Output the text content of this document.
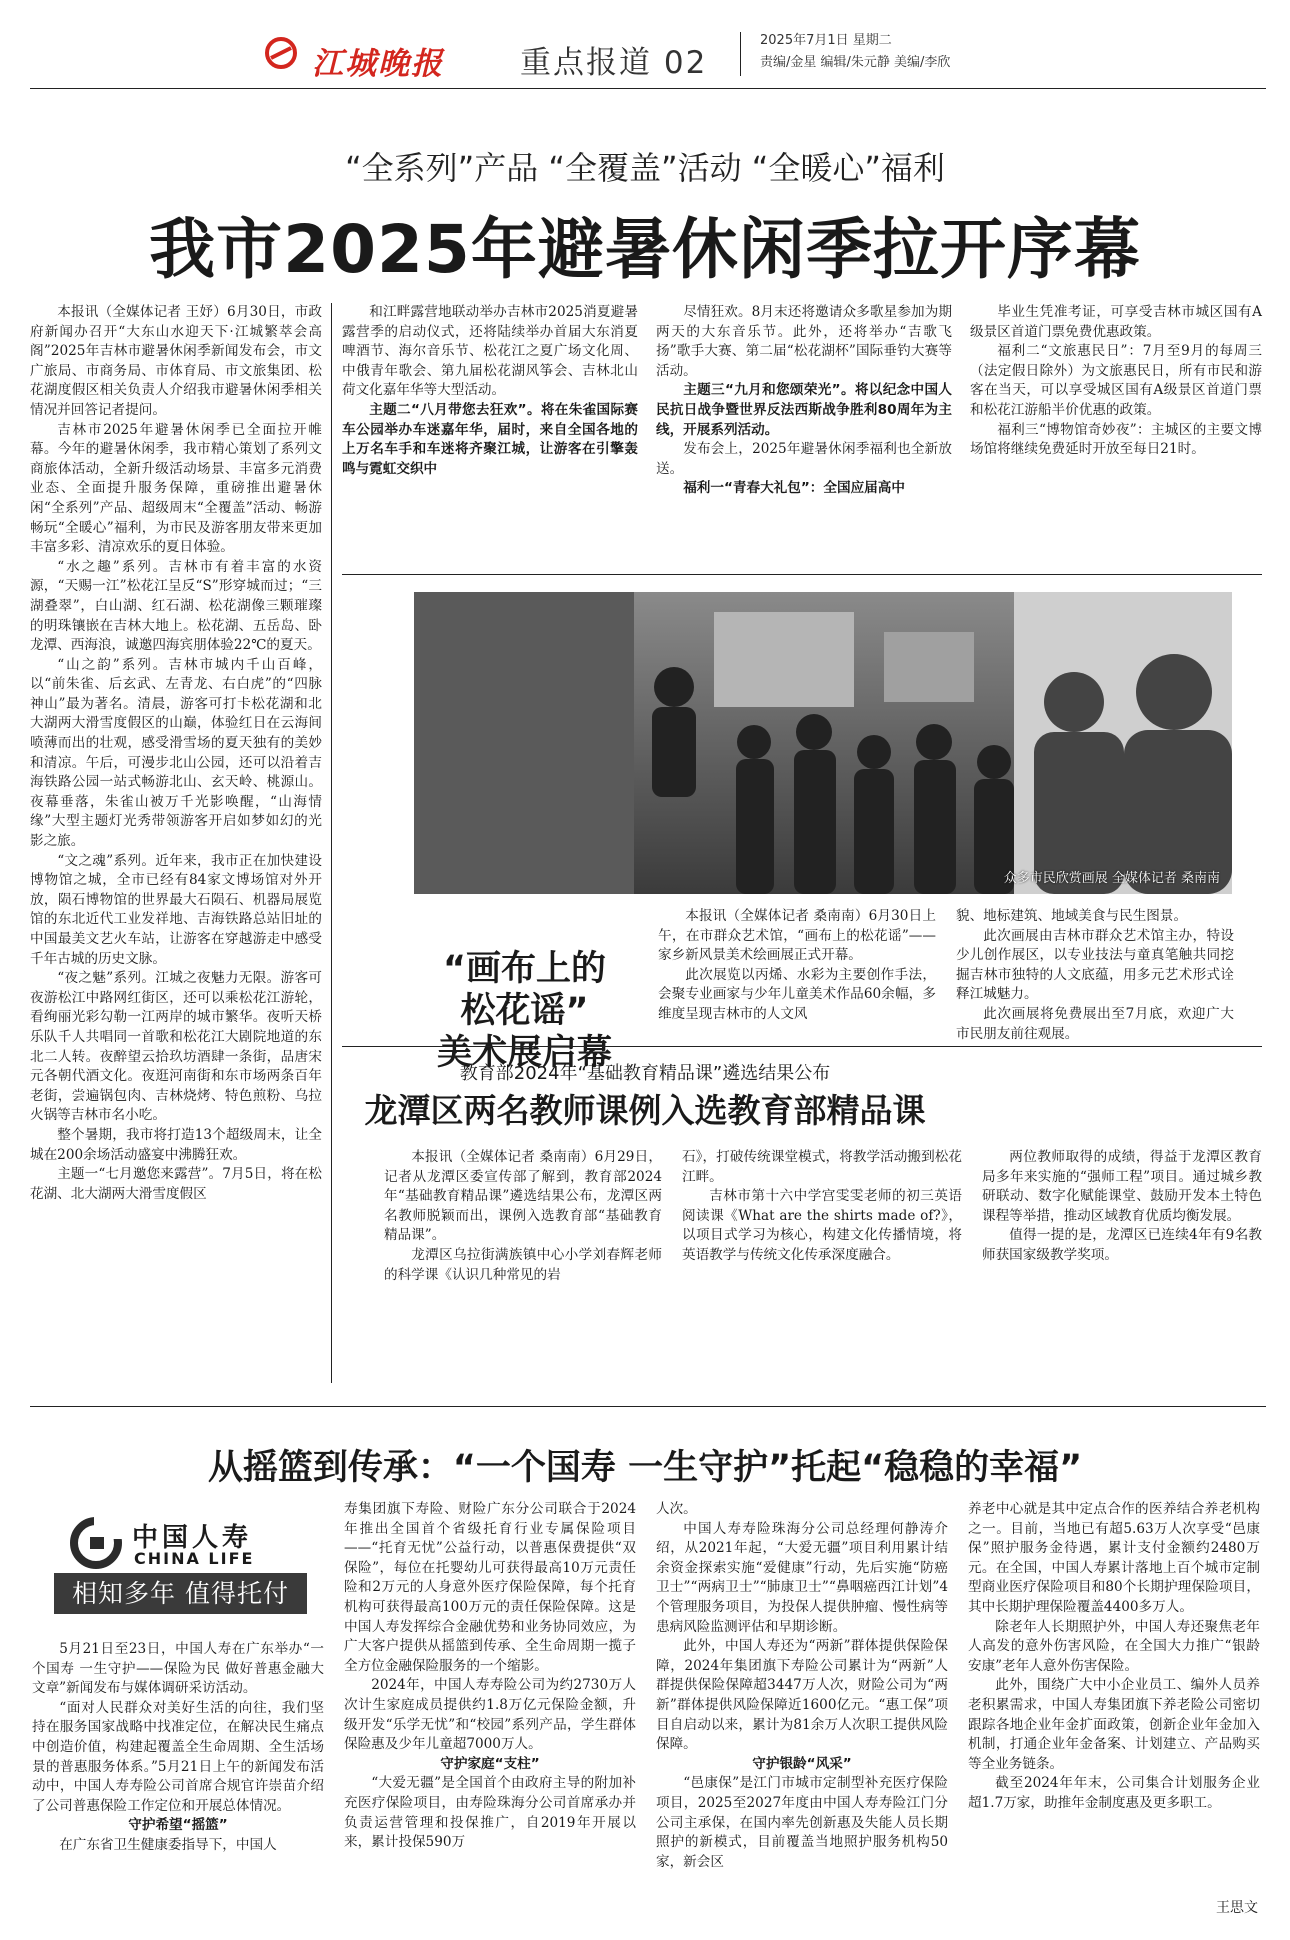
江城晚报 重点报道 02
2025年7月1日 星期二
责编/金星 编辑/朱元静 美编/李欣
“全系列”产品 “全覆盖”活动 “全暖心”福利
我市2025年避暑休闲季拉开序幕

本报讯（全媒体记者 王妤）6月30日，市政府新闻办召开“大东山水迎天下·江城繁萃会高阁”2025年吉林市避暑休闲季新闻发布会，市文广旅局、市商务局、市体育局、市文旅集团、松花湖度假区相关负责人介绍我市避暑休闲季相关情况并回答记者提问。

吉林市2025年避暑休闲季已全面拉开帷幕。今年的避暑休闲季，我市精心策划了系列文商旅体活动，全新升级活动场景、丰富多元消费业态、全面提升服务保障，重磅推出避暑休闲“全系列”产品、超级周末“全覆盖”活动、畅游畅玩“全暖心”福利，为市民及游客朋友带来更加丰富多彩、清凉欢乐的夏日体验。

“水之趣”系列。吉林市有着丰富的水资源，“天赐一江”松花江呈反“S”形穿城而过；“三湖叠翠”，白山湖、红石湖、松花湖像三颗璀璨的明珠镶嵌在吉林大地上。松花湖、五岳岛、卧龙潭、西海浪，诚邀四海宾朋体验22℃的夏天。

“山之韵”系列。吉林市城内千山百峰，以“前朱雀、后玄武、左青龙、右白虎”的“四脉神山”最为著名。清晨，游客可打卡松花湖和北大湖两大滑雪度假区的山巅，体验红日在云海间喷薄而出的壮观，感受滑雪场的夏天独有的美妙和清凉。午后，可漫步北山公园，还可以沿着吉海铁路公园一站式畅游北山、玄天岭、桃源山。夜幕垂落，朱雀山被万千光影唤醒，“山海情缘”大型主题灯光秀带领游客开启如梦如幻的光影之旅。

“文之魂”系列。近年来，我市正在加快建设博物馆之城，全市已经有84家文博场馆对外开放，陨石博物馆的世界最大石陨石、机器局展览馆的东北近代工业发祥地、吉海铁路总站旧址的中国最美文艺火车站，让游客在穿越游走中感受千年古城的历史文脉。

“夜之魅”系列。江城之夜魅力无限。游客可夜游松江中路网红街区，还可以乘松花江游轮，看绚丽光彩勾勒一江两岸的城市繁华。夜听天桥乐队千人共唱同一首歌和松花江大剧院地道的东北二人转。夜醉望云拾玖坊酒肆一条街，品唐宋元各朝代酒文化。夜逛河南街和东市场两条百年老街，尝遍锅包肉、吉林烧烤、特色煎粉、乌拉火锅等吉林市名小吃。

整个暑期，我市将打造13个超级周末，让全城在200余场活动盛宴中沸腾狂欢。

主题一“七月邀您来露营”。7月5日，将在松花湖、北大湖两大滑雪度假区

和江畔露营地联动举办吉林市2025消夏避暑露营季的启动仪式，还将陆续举办首届大东消夏啤酒节、海尔音乐节、松花江之夏广场文化周、中俄青年歌会、第九届松花湖风筝会、吉林北山荷文化嘉年华等大型活动。

主题二“八月带您去狂欢”。将在朱雀国际赛车公园举办车迷嘉年华，届时，来自全国各地的上万名车手和车迷将齐聚江城，让游客在引擎轰鸣与霓虹交织中

尽情狂欢。8月末还将邀请众多歌星参加为期两天的大东音乐节。此外，还将举办“吉歌飞扬”歌手大赛、第二届“松花湖杯”国际垂钓大赛等活动。

主题三“九月和您颂荣光”。将以纪念中国人民抗日战争暨世界反法西斯战争胜利80周年为主线，开展系列活动。

发布会上，2025年避暑休闲季福利也全新放送。

福利一“青春大礼包”：全国应届高中

毕业生凭准考证，可享受吉林市城区国有A级景区首道门票免费优惠政策。

福利二“文旅惠民日”：7月至9月的每周三（法定假日除外）为文旅惠民日，所有市民和游客在当天，可以享受城区国有A级景区首道门票和松花江游船半价优惠的政策。

福利三“博物馆奇妙夜”：主城区的主要文博场馆将继续免费延时开放至每日21时。

众多市民欣赏画展 全媒体记者 桑南南
“画布上的
松花谣”
美术展启幕

本报讯（全媒体记者 桑南南）6月30日上午，在市群众艺术馆，“画布上的松花谣”——家乡新风景美术绘画展正式开幕。

此次展览以丙烯、水彩为主要创作手法，会聚专业画家与少年儿童美术作品60余幅，多维度呈现吉林市的人文风

貌、地标建筑、地域美食与民生图景。

此次画展由吉林市群众艺术馆主办，特设少儿创作展区，以专业技法与童真笔触共同挖掘吉林市独特的人文底蕴，用多元艺术形式诠释江城魅力。

此次画展将免费展出至7月底，欢迎广大市民朋友前往观展。

教育部2024年“基础教育精品课”遴选结果公布
龙潭区两名教师课例入选教育部精品课

本报讯（全媒体记者 桑南南）6月29日，记者从龙潭区委宣传部了解到，教育部2024年“基础教育精品课”遴选结果公布，龙潭区两名教师脱颖而出，课例入选教育部“基础教育精品课”。

龙潭区乌拉街满族镇中心小学刘春辉老师的科学课《认识几种常见的岩

石》，打破传统课堂模式，将教学活动搬到松花江畔。

吉林市第十六中学宫雯雯老师的初三英语阅读课《What are the shirts made of?》，以项目式学习为核心，构建文化传播情境，将英语教学与传统文化传承深度融合。

两位教师取得的成绩，得益于龙潭区教育局多年来实施的“强师工程”项目。通过城乡教研联动、数字化赋能课堂、鼓励开发本土特色课程等举措，推动区域教育优质均衡发展。

值得一提的是，龙潭区已连续4年有9名教师获国家级教学奖项。

从摇篮到传承：“一个国寿 一生守护”托起“稳稳的幸福”
中国人寿
CHINA LIFE
相知多年 值得托付

5月21日至23日，中国人寿在广东举办“一个国寿 一生守护——保险为民 做好普惠金融大文章”新闻发布与媒体调研采访活动。

“面对人民群众对美好生活的向往，我们坚持在服务国家战略中找准定位，在解决民生痛点中创造价值，构建起覆盖全生命周期、全生活场景的普惠服务体系。”5月21日上午的新闻发布活动中，中国人寿寿险公司首席合规官许崇苗介绍了公司普惠保险工作定位和开展总体情况。

守护希望“摇篮”

在广东省卫生健康委指导下，中国人

寿集团旗下寿险、财险广东分公司联合于2024年推出全国首个省级托育行业专属保险项目——“托育无忧”公益行动，以普惠保费提供“双保险”，每位在托婴幼儿可获得最高10万元责任险和2万元的人身意外医疗保险保障，每个托育机构可获得最高100万元的责任保险保障。这是中国人寿发挥综合金融优势和业务协同效应，为广大客户提供从摇篮到传承、全生命周期一揽子全方位金融保险服务的一个缩影。

2024年，中国人寿寿险公司为约2730万人次计生家庭成员提供约1.8万亿元保险金额，升级开发“乐学无忧”和“校园”系列产品，学生群体保险惠及少年儿童超7000万人。

守护家庭“支柱”

“大爱无疆”是全国首个由政府主导的附加补充医疗保险项目，由寿险珠海分公司首席承办并负责运营管理和投保推广，自2019年开展以来，累计投保590万

人次。

中国人寿寿险珠海分公司总经理何静涛介绍，从2021年起，“大爱无疆”项目利用累计结余资金探索实施“爱健康”行动，先后实施“防癌卫士”“两病卫士”“肺康卫士”“鼻咽癌西江计划”4个管理服务项目，为投保人提供肿瘤、慢性病等患病风险监测评估和早期诊断。

此外，中国人寿还为“两新”群体提供保险保障，2024年集团旗下寿险公司累计为“两新”人群提供保险保障超3447万人次，财险公司为“两新”群体提供风险保障近1600亿元。“惠工保”项目自启动以来，累计为81余万人次职工提供风险保障。

守护银龄“风采”

“邑康保”是江门市城市定制型补充医疗保险项目，2025至2027年度由中国人寿寿险江门分公司主承保，在国内率先创新惠及失能人员长期照护的新模式，目前覆盖当地照护服务机构50家，新会区

养老中心就是其中定点合作的医养结合养老机构之一。目前，当地已有超5.63万人次享受“邑康保”照护服务金待遇，累计支付金额约2480万元。在全国，中国人寿累计落地上百个城市定制型商业医疗保险项目和80个长期护理保险项目，其中长期护理保险覆盖4400多万人。

除老年人长期照护外，中国人寿还聚焦老年人高发的意外伤害风险，在全国大力推广“银龄安康”老年人意外伤害保险。

此外，围绕广大中小企业员工、编外人员养老积累需求，中国人寿集团旗下养老险公司密切跟踪各地企业年金扩面政策，创新企业年金加入机制，打通企业年金备案、计划建立、产品购买等全业务链条。

截至2024年年末，公司集合计划服务企业超1.7万家，助推年金制度惠及更多职工。

王思文
